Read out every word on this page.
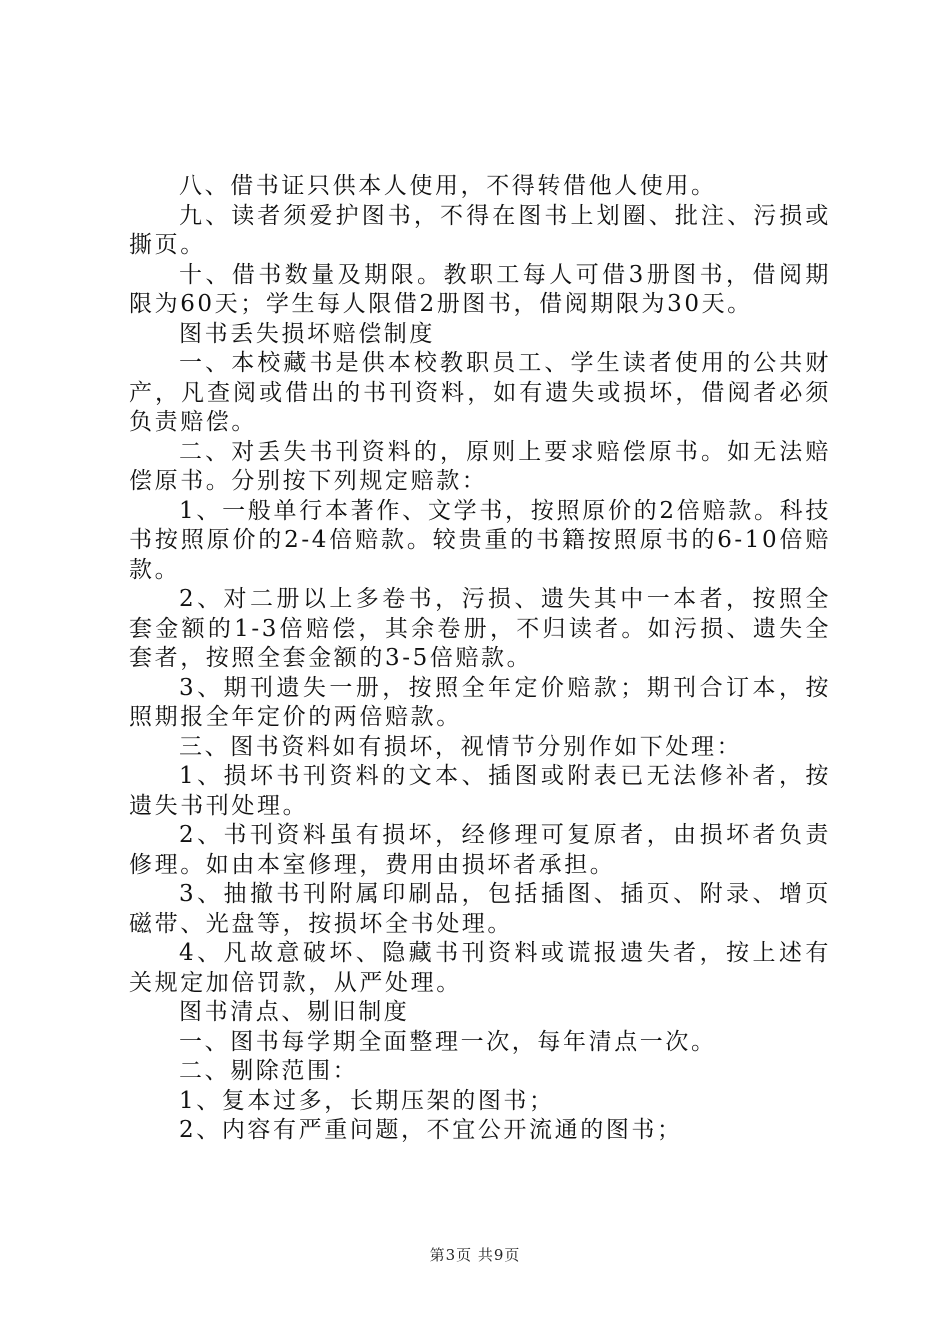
八、借书证只供本人使用，不得转借他人使用。

九、读者须爱护图书，不得在图书上划圈、批注、污损或撕页。

十、借书数量及期限。教职工每人可借3册图书，借阅期限为60天；学生每人限借2册图书，借阅期限为30天。

图书丢失损坏赔偿制度

一、本校藏书是供本校教职员工、学生读者使用的公共财产，凡查阅或借出的书刊资料，如有遗失或损坏，借阅者必须负责赔偿。

二、对丢失书刊资料的，原则上要求赔偿原书。如无法赔偿原书。分别按下列规定赔款：

1、一般单行本著作、文学书，按照原价的2倍赔款。科技书按照原价的2-4倍赔款。较贵重的书籍按照原书的6-10倍赔款。

2、对二册以上多卷书，污损、遗失其中一本者，按照全套金额的1-3倍赔偿，其余卷册，不归读者。如污损、遗失全套者，按照全套金额的3-5倍赔款。

3、期刊遗失一册，按照全年定价赔款；期刊合订本，按照期报全年定价的两倍赔款。

三、图书资料如有损坏，视情节分别作如下处理：

1、损坏书刊资料的文本、插图或附表已无法修补者，按遗失书刊处理。

2、书刊资料虽有损坏，经修理可复原者，由损坏者负责修理。如由本室修理，费用由损坏者承担。

3、抽撤书刊附属印刷品，包括插图、插页、附录、增页磁带、光盘等，按损坏全书处理。

4、凡故意破坏、隐藏书刊资料或谎报遗失者，按上述有关规定加倍罚款，从严处理。

图书清点、剔旧制度

一、图书每学期全面整理一次，每年清点一次。

二、剔除范围：

1、复本过多，长期压架的图书；

2、内容有严重问题，不宜公开流通的图书；

第3页 共9页
